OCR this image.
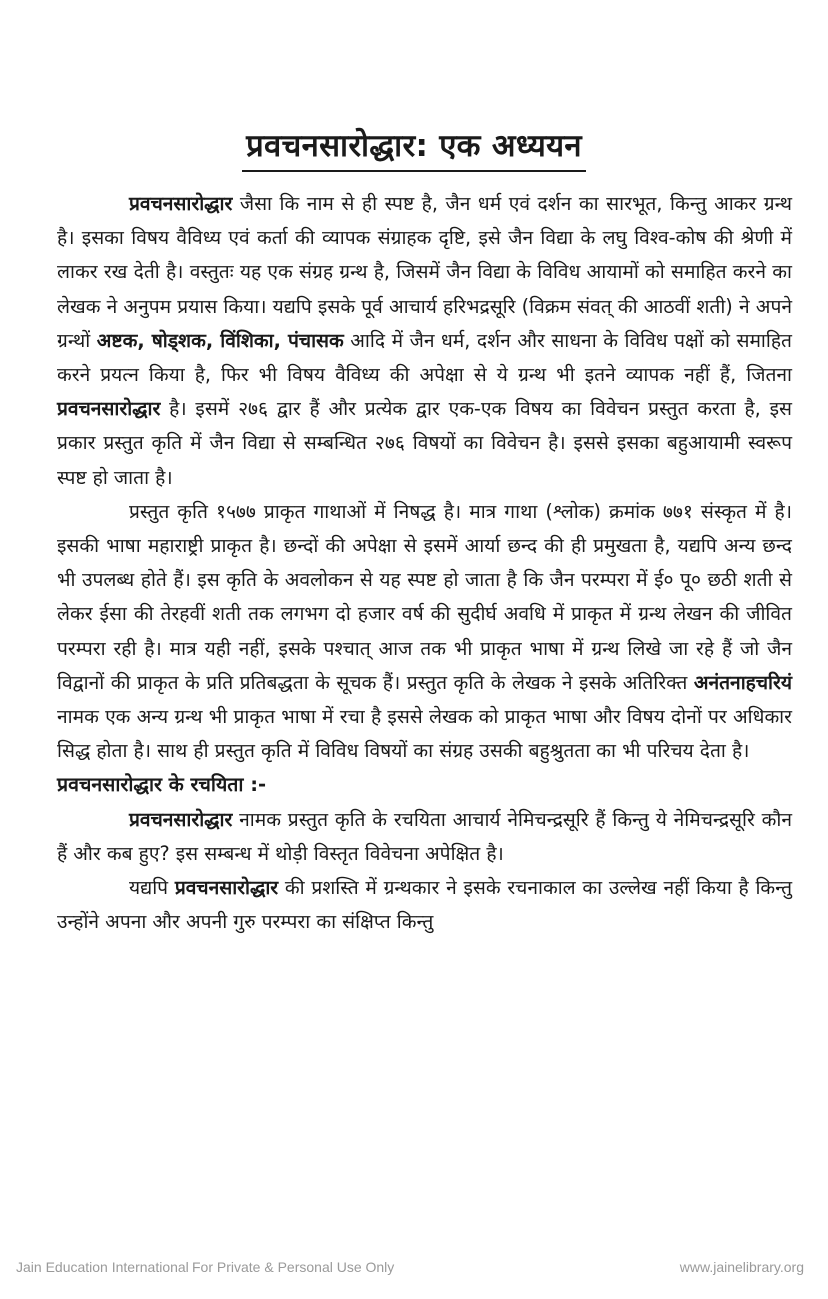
प्रवचनसारोद्धार: एक अध्ययन

प्रवचनसारोद्धार जैसा कि नाम से ही स्पष्ट है, जैन धर्म एवं दर्शन का सारभूत, किन्तु आकर ग्रन्थ है। इसका विषय वैविध्य एवं कर्ता की व्यापक संग्राहक दृष्टि, इसे जैन विद्या के लघु विश्व-कोष की श्रेणी में लाकर रख देती है। वस्तुतः यह एक संग्रह ग्रन्थ है, जिसमें जैन विद्या के विविध आयामों को समाहित करने का लेखक ने अनुपम प्रयास किया। यद्यपि इसके पूर्व आचार्य हरिभद्रसूरि (विक्रम संवत् की आठवीं शती) ने अपने ग्रन्थों अष्टक, षोड्शक, विंशिका, पंचासक आदि में जैन धर्म, दर्शन और साधना के विविध पक्षों को समाहित करने प्रयत्न किया है, फिर भी विषय वैविध्य की अपेक्षा से ये ग्रन्थ भी इतने व्यापक नहीं हैं, जितना प्रवचनसारोद्धार है। इसमें २७६ द्वार हैं और प्रत्येक द्वार एक-एक विषय का विवेचन प्रस्तुत करता है, इस प्रकार प्रस्तुत कृति में जैन विद्या से सम्बन्धित २७६ विषयों का विवेचन है। इससे इसका बहुआयामी स्वरूप स्पष्ट हो जाता है।

प्रस्तुत कृति १५७७ प्राकृत गाथाओं में निषद्ध है। मात्र गाथा (श्लोक) क्रमांक ७७१ संस्कृत में है। इसकी भाषा महाराष्ट्री प्राकृत है। छन्दों की अपेक्षा से इसमें आर्या छन्द की ही प्रमुखता है, यद्यपि अन्य छन्द भी उपलब्ध होते हैं। इस कृति के अवलोकन से यह स्पष्ट हो जाता है कि जैन परम्परा में ई० पू० छठी शती से लेकर ईसा की तेरहवीं शती तक लगभग दो हजार वर्ष की सुदीर्घ अवधि में प्राकृत में ग्रन्थ लेखन की जीवित परम्परा रही है। मात्र यही नहीं, इसके पश्चात् आज तक भी प्राकृत भाषा में ग्रन्थ लिखे जा रहे हैं जो जैन विद्वानों की प्राकृत के प्रति प्रतिबद्धता के सूचक हैं। प्रस्तुत कृति के लेखक ने इसके अतिरिक्त अनंतनाहचरियं नामक एक अन्य ग्रन्थ भी प्राकृत भाषा में रचा है इससे लेखक को प्राकृत भाषा और विषय दोनों पर अधिकार सिद्ध होता है। साथ ही प्रस्तुत कृति में विविध विषयों का संग्रह उसकी बहुश्रुतता का भी परिचय देता है।

प्रवचनसारोद्धार के रचयिता :-

प्रवचनसारोद्धार नामक प्रस्तुत कृति के रचयिता आचार्य नेमिचन्द्रसूरि हैं किन्तु ये नेमिचन्द्रसूरि कौन हैं और कब हुए? इस सम्बन्ध में थोड़ी विस्तृत विवेचना अपेक्षित है।

यद्यपि प्रवचनसारोद्धार की प्रशस्ति में ग्रन्थकार ने इसके रचनाकाल का उल्लेख नहीं किया है किन्तु उन्होंने अपना और अपनी गुरु परम्परा का संक्षिप्त किन्तु

Jain Education International For Private & Personal Use Only	www.jainelibrary.org
